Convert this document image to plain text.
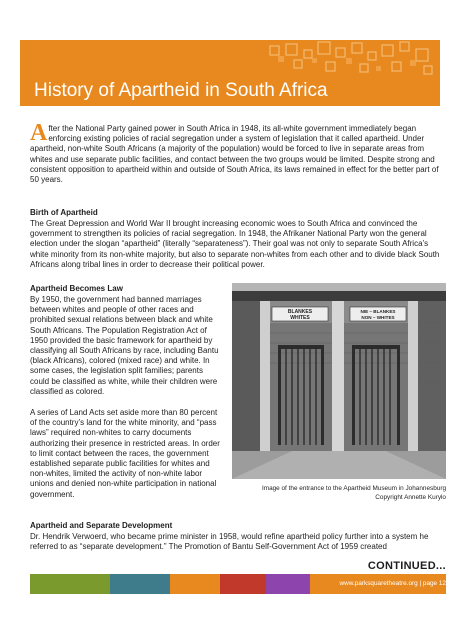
History of Apartheid in South Africa
After the National Party gained power in South Africa in 1948, its all-white government immediately began enforcing existing policies of racial segregation under a system of legislation that it called apartheid. Under apartheid, non-white South Africans (a majority of the population) would be forced to live in separate areas from whites and use separate public facilities, and contact between the two groups would be limited. Despite strong and consistent opposition to apartheid within and outside of South Africa, its laws remained in effect for the better part of 50 years.
Birth of Apartheid
The Great Depression and World War II brought increasing economic woes to South Africa and convinced the government to strengthen its policies of racial segregation. In 1948, the Afrikaner National Party won the general election under the slogan “apartheid” (literally “separateness”). Their goal was not only to separate South Africa’s white minority from its non-white majority, but also to separate non-whites from each other and to divide black South Africans along tribal lines in order to decrease their political power.
Apartheid Becomes Law
By 1950, the government had banned marriages between whites and people of other races and prohibited sexual relations between black and white South Africans. The Population Registration Act of 1950 provided the basic framework for apartheid by classifying all South Africans by race, including Bantu (black Africans), colored (mixed race) and white. In some cases, the legislation split families; parents could be classified as white, while their children were classified as colored.
A series of Land Acts set aside more than 80 percent of the country’s land for the white minority, and “pass laws” required non-whites to carry documents authorizing their presence in restricted areas. In order to limit contact between the races, the government established separate public facilities for whites and non-whites, limited the activity of non-white labor unions and denied non-white participation in national government.
BLANKES
WHITES
NIE – BLANKES
NON – WHITES
Image of the entrance to the Apartheid Museum in Johannesburg
Copyright Annette Kurylo
Apartheid and Separate Development
Dr. Hendrik Verwoerd, who became prime minister in 1958, would refine apartheid policy further into a system he referred to as “separate development.” The Promotion of Bantu Self-Government Act of 1959 created
CONTINUED...
www.parksquaretheatre.org | page 12
